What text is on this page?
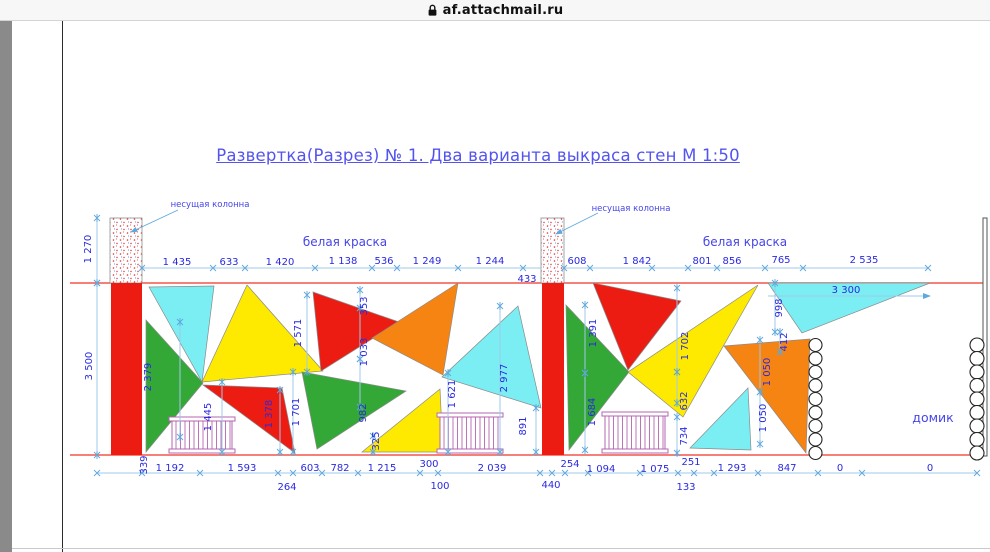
af.attachmail.ru
1 435	633	1 420	1 138 536 1 249	1 244
433
608	1 842	801 856	765	2 535
3 300
1 192	1 593
264
603 782 1 215 300
100
2 039
440
254 1 094	1 075
251
133
1 293	847	0	0
1 270
3 500
339
2 379
1 445
1 571
1 378 1 701
353
1 033
982
325
1 621
2 977
891
1 391
1 684
1 702
632
734
1 050
1 050
998
412
Развертка(Разрез) № 1. Два варианта выкраса стен М 1:50
несущая колонна	несущая колонна
белая краска	белая краска
домик
